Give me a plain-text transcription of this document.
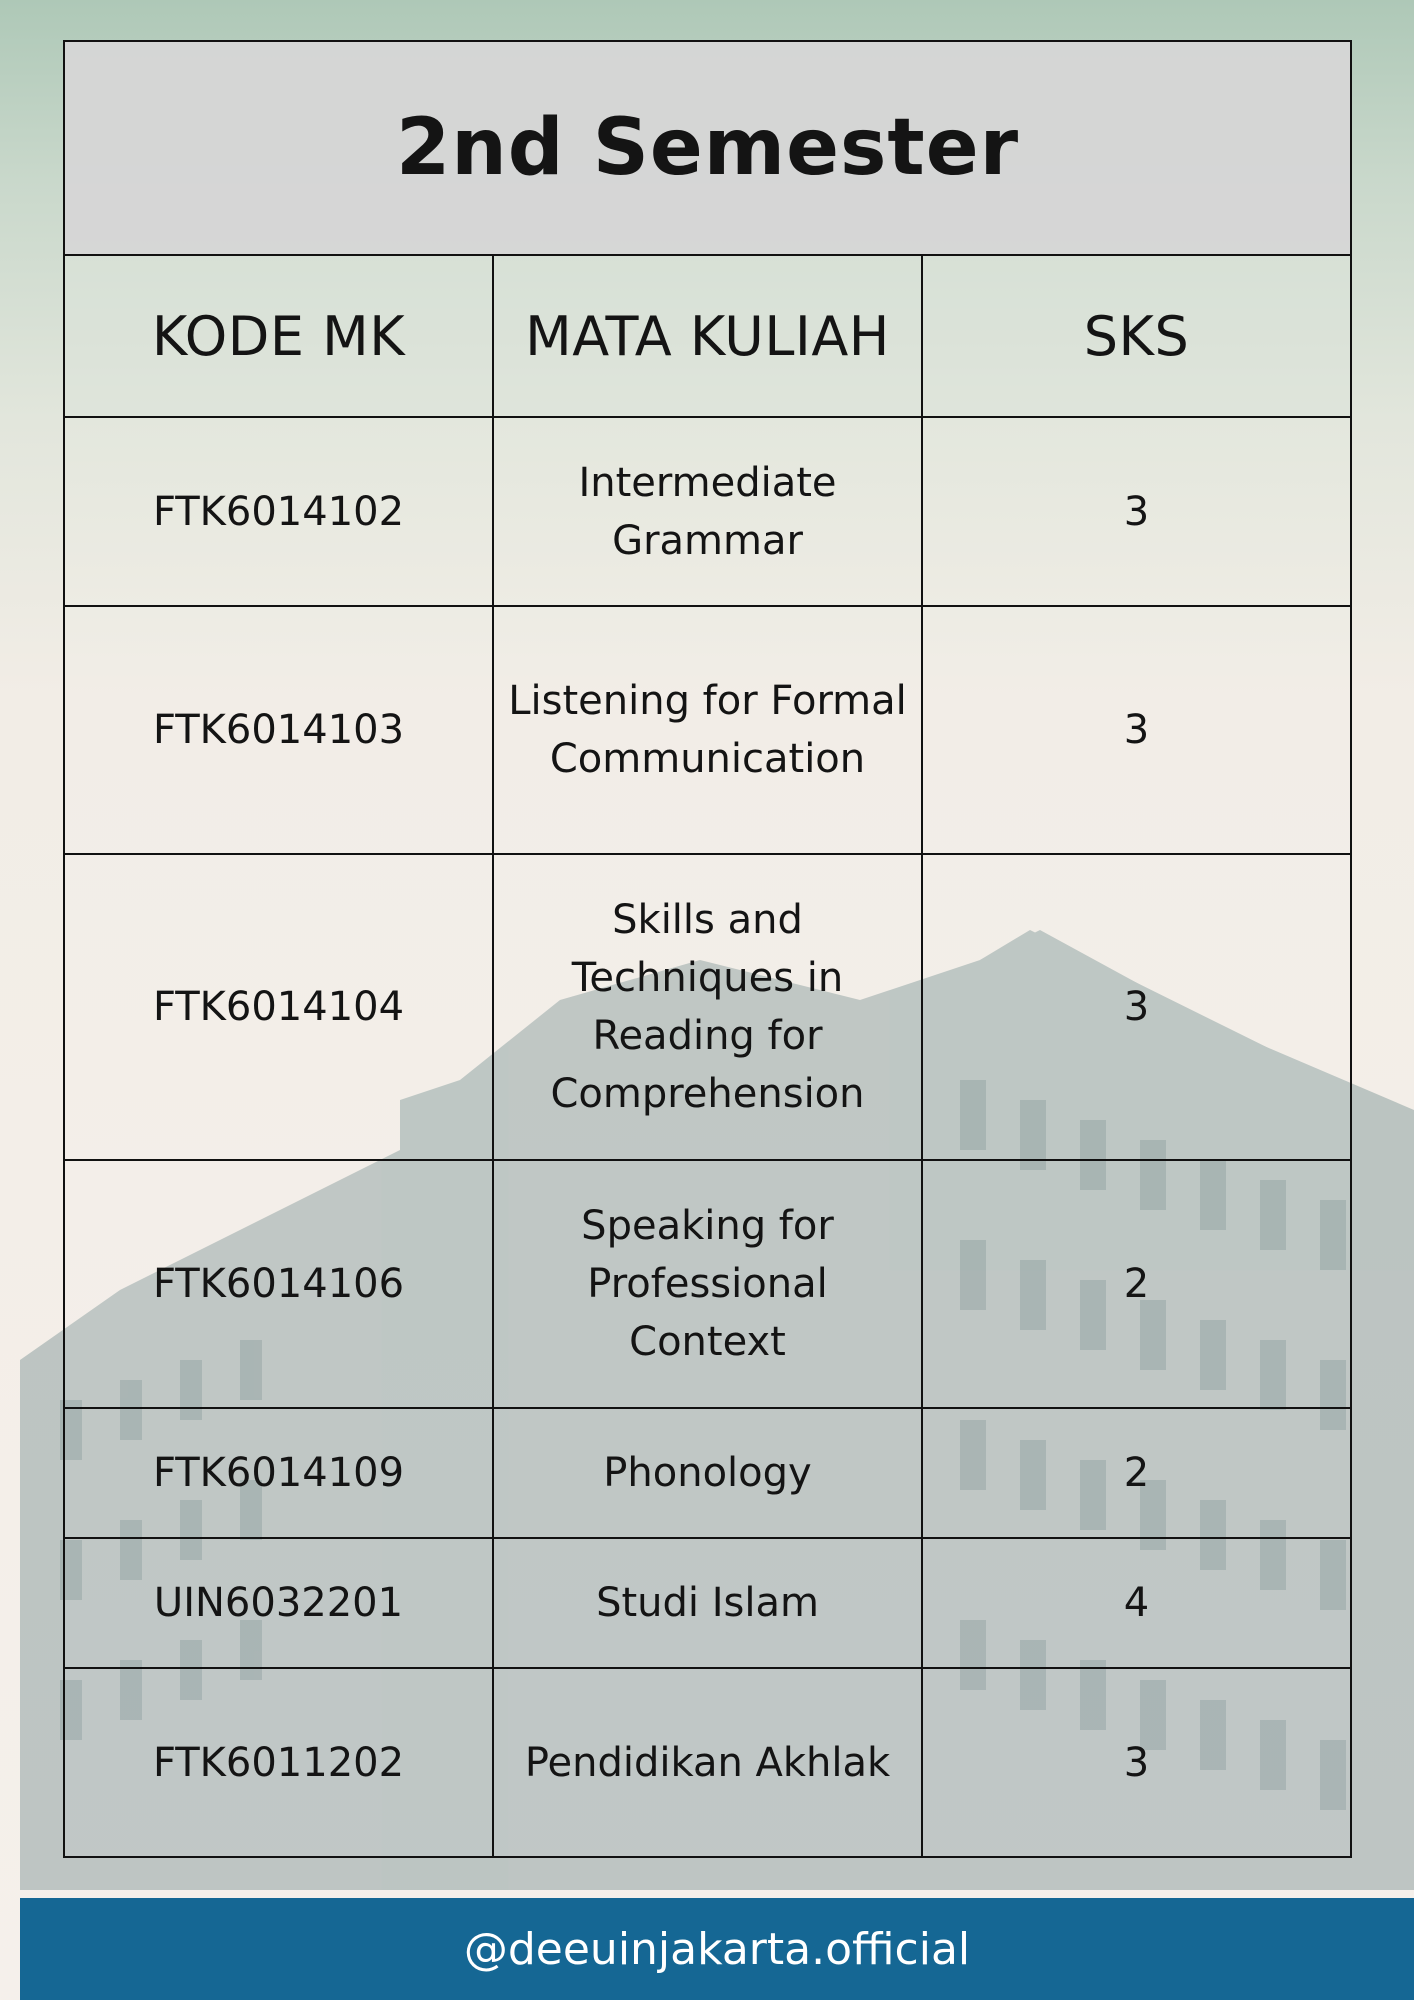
2nd Semester		
KODE MK	MATA KULIAH	SKS
FTK6014102	Intermediate Grammar	3
FTK6014103	Listening for Formal Communication	3
FTK6014104	Skills and Techniques in Reading for Comprehension	3
FTK6014106	Speaking for Professional Context	2
FTK6014109	Phonology	2
UIN6032201	Studi Islam	4
FTK6011202	Pendidikan Akhlak	3
@deeuinjakarta.official
